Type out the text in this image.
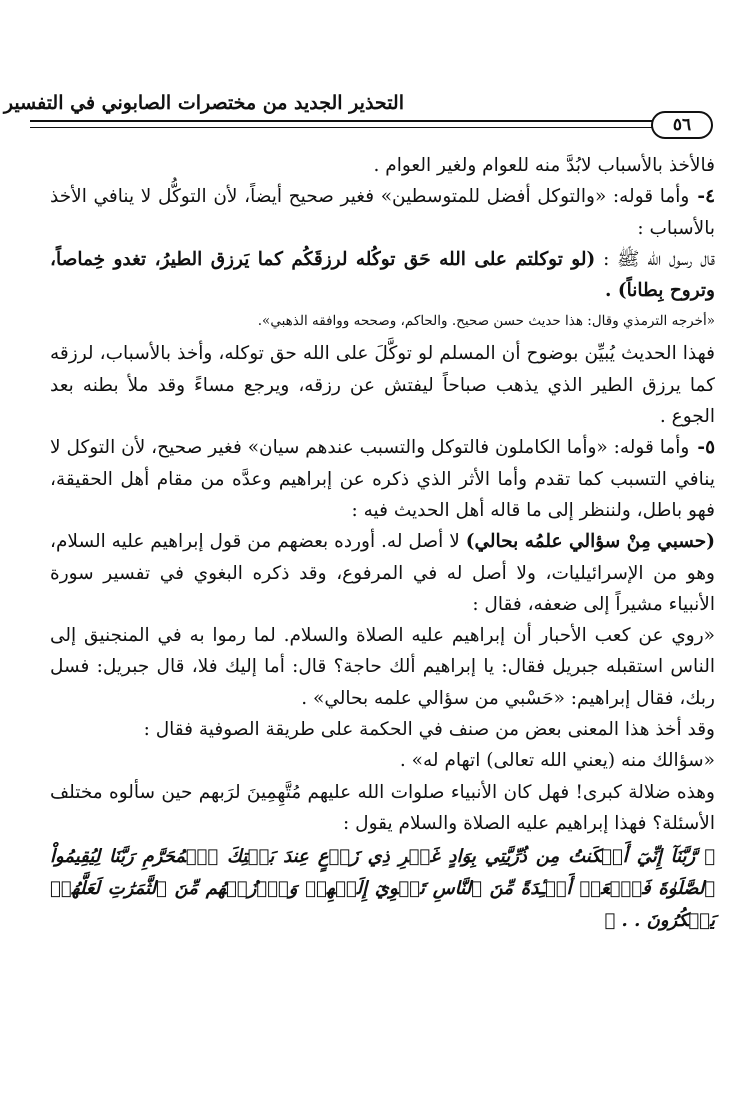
التحذير الجديد من مختصرات الصابوني في التفسير
٥٦

فالأخذ بالأسباب لابُدَّ منه للعوام ولغير العوام .

٤-وأما قوله: «والتوكل أفضل للمتوسطين» فغير صحيح أيضاً، لأن التوكُّل لا ينافي الأخذ بالأسباب :

قال رسول الله ﷺ : (لو توكلتم على الله حَق توكُله لرزقَكُم كما يَرزق الطيرُ، تغدو خِماصاً، وتروح بِطاناً) .

«أخرجه الترمذي وقال: هذا حديث حسن صحيح. والحاكم، وصححه ووافقه الذهبي».

فهذا الحديث يُبيِّن بوضوح أن المسلم لو توكَّلَ على الله حق توكله، وأخذ بالأسباب، لرزقه كما يرزق الطير الذي يذهب صباحاً ليفتش عن رزقه، ويرجع مساءً وقد ملأ بطنه بعد الجوع .

٥-وأما قوله: «وأما الكاملون فالتوكل والتسبب عندهم سيان» فغير صحيح، لأن التوكل لا ينافي التسبب كما تقدم وأما الأثر الذي ذكره عن إبراهيم وعدَّه من مقام أهل الحقيقة، فهو باطل، ولننظر إلى ما قاله أهل الحديث فيه :

(حسبي مِنْ سؤالي علمُه بحالي) لا أصل له. أورده بعضهم من قول إبراهيم عليه السلام، وهو من الإسرائيليات، ولا أصل له في المرفوع، وقد ذكره البغوي في تفسير سورة الأنبياء مشيراً إلى ضعفه، فقال :

«روي عن كعب الأحبار أن إبراهيم عليه الصلاة والسلام. لما رموا به في المنجنيق إلى الناس استقبله جبريل فقال: يا إبراهيم ألك حاجة؟ قال: أما إليك فلا، قال جبريل: فسل ربك، فقال إبراهيم: «حَسْبي من سؤالي علمه بحالي» .

وقد أخذ هذا المعنى بعض من صنف في الحكمة على طريقة الصوفية فقال :

«سؤالك منه (يعني الله تعالى) اتهام له» .

وهذه ضلالة كبرى! فهل كان الأنبياء صلوات الله عليهم مُتَّهِمِينَ لرَبهم حين سألوه مختلف الأسئلة؟ فهذا إبراهيم عليه الصلاة والسلام يقول :

﴿ رَّبَّنَآ إِنِّيٓ أَسۡكَنتُ مِن ذُرِّيَّتِي بِوَادٍ غَيۡرِ ذِي زَرۡعٍ عِندَ بَيۡتِكَ ٱلۡمُحَرَّمِ رَبَّنَا لِيُقِيمُواْ ٱلصَّلَوٰةَ فَٱجۡعَلۡ أَفۡـِٔدَةً مِّنَ ٱلنَّاسِ تَهۡوِيٓ إِلَيۡهِمۡ وَٱرۡزُقۡهُم مِّنَ ٱلثَّمَرَٰتِ لَعَلَّهُمۡ يَشۡكُرُونَ . . ﴾
